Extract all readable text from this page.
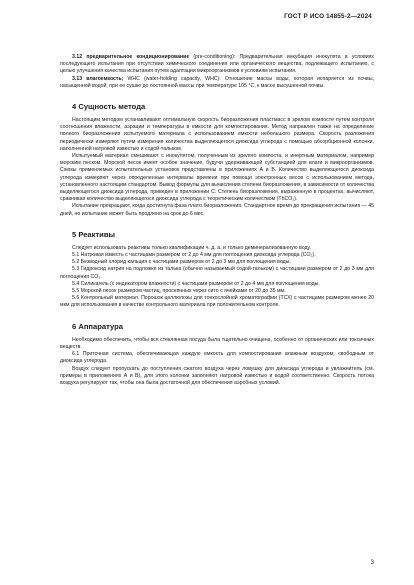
ГОСТ Р ИСО 14855-2—2024

3.12 предварительное кондиционирование (pre-conditioning): Предварительная инкубация инокулята в условиях последующего испытания при отсутствии химического соединения или органического вещества, подлежащего испытанию, с целью улучшения качества испытания путем адаптации микроорганизмов к условиям испытания.

3.13 влагоемкость; WHC (water-holding capacity, WHC): Отношение массы воды, которая испаряется из почвы, насыщенной водой, при ее сушке до постоянной массы при температуре 105 °С, к массе высушенной почвы.

4 Сущность метода

Настоящим методом устанавливают оптимальную скорость биоразложения пластмасс в зрелом компосте путем контроля соотношения влажности, аэрации и температуры в емкости для компостирования. Метод направлен также на определение полного биоразложения испытуемого материала с использованием емкости небольшого размера. Скорость разложения периодически измеряют путем измерения количества выделяющегося диоксида углерода с помощью абсорбционной колонки, наполненной натровой известью и содой-тальком.

Испытуемый материал смешивают с инокулятом, полученным из зрелого компоста, и инертным материалом, например морским песком. Морской песок имеет особое значение, будучи удерживающей субстанцией для влаги и микроорганизмов. Схемы применяемых испытательных установок представлены в приложениях А и В. Количество выделяющегося диоксида углерода измеряют через определенные интервалы времени при помощи электронных весов с использованием метода, установленного настоящим стандартом. Вывод формулы для вычисления степени биоразложения, в зависимости от количества выделяющегося диоксида углерода, приведен в приложении С. Степень биоразложения, выраженную в процентах, вычисляют, сравнивая количество выделяющегося диоксида углерода с теоретическим количеством (ThCO₂).

Испытание прекращают, когда достигнута фаза плато биоразложения. Стандартное время до прекращения испытания — 45 дней, но испытание может быть продлено на срок до 6 мес.

5 Реактивы

Следует использовать реактивы только квалификации ч. д. а. и только деминерализованную воду.

5.1 Натровая известь с частицами размером от 2 до 4 мм для поглощения диоксида углерода (CO₂).

5.2 Безводный хлорид кальция с частицами размером от 2 до 3 мм для поглощения воды.

5.3 Гидроксид натрия на подложке из талька (обычно называемый содой-тальком) с частицами размером от 2 до 3 мм для поглощения CO₂.

5.4 Силикагель (с индикатором влажности) с частицами размером от 2 до 4 мм для поглощения воды.

5.5 Морской песок размером частиц, просеянных через сито с ячейками от 20 до 35 мм.

5.6 Контрольный материал. Порошок целлюлозы для тонкослойной хроматографии (ТСХ) с частицами размером менее 20 мкм для использования в качестве контрольного материала при положительном контроле.

6 Аппаратура

Необходимо обеспечить, чтобы вся стеклянная посуда была тщательно очищена, особенно от органических или токсичных веществ.

6.1 Приточная система, обеспечивающая каждую емкость для компостирования влажным воздухом, свободным от диоксида углерода.

Воздух следует пропускать до поступления сжатого воздуха через ловушку для диоксида углерода и увлажнитель (см. примеры в приложениях А и В), для этого колонки заполняют натровой известью и водой соответственно. Скорость потока воздуха регулируют так, чтобы она была достаточной для обеспечения аэробных условий.

3
